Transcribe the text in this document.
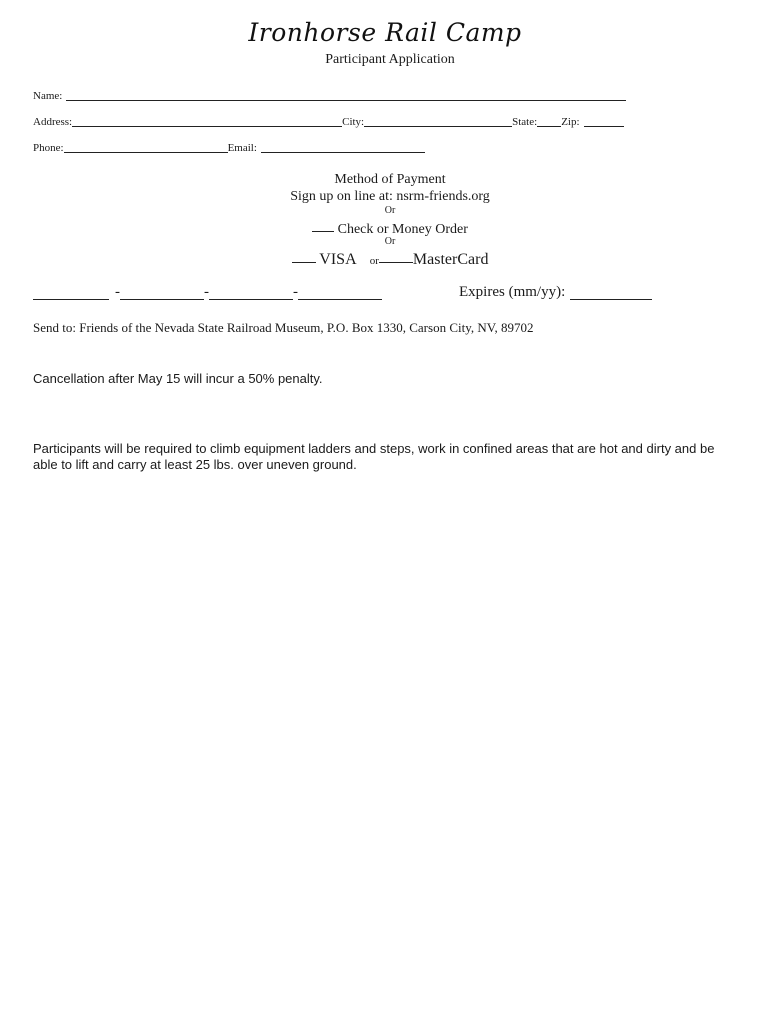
Ironhorse Rail Camp
Participant Application
Name:
Address:	City:	State: Zip:
Phone:	Email:
Method of Payment
Sign up on line at: nsrm-friends.org
Or
Check or Money Order
Or
VISA or MasterCard
-	-	-	Expires (mm/yy):
Send to: Friends of the Nevada State Railroad Museum, P.O. Box 1330, Carson City, NV, 89702
Cancellation after May 15 will incur a 50% penalty.
Participants will be required to climb equipment ladders and steps, work in confined areas that are hot and dirty and be able to lift and carry at least 25 lbs. over uneven ground.
